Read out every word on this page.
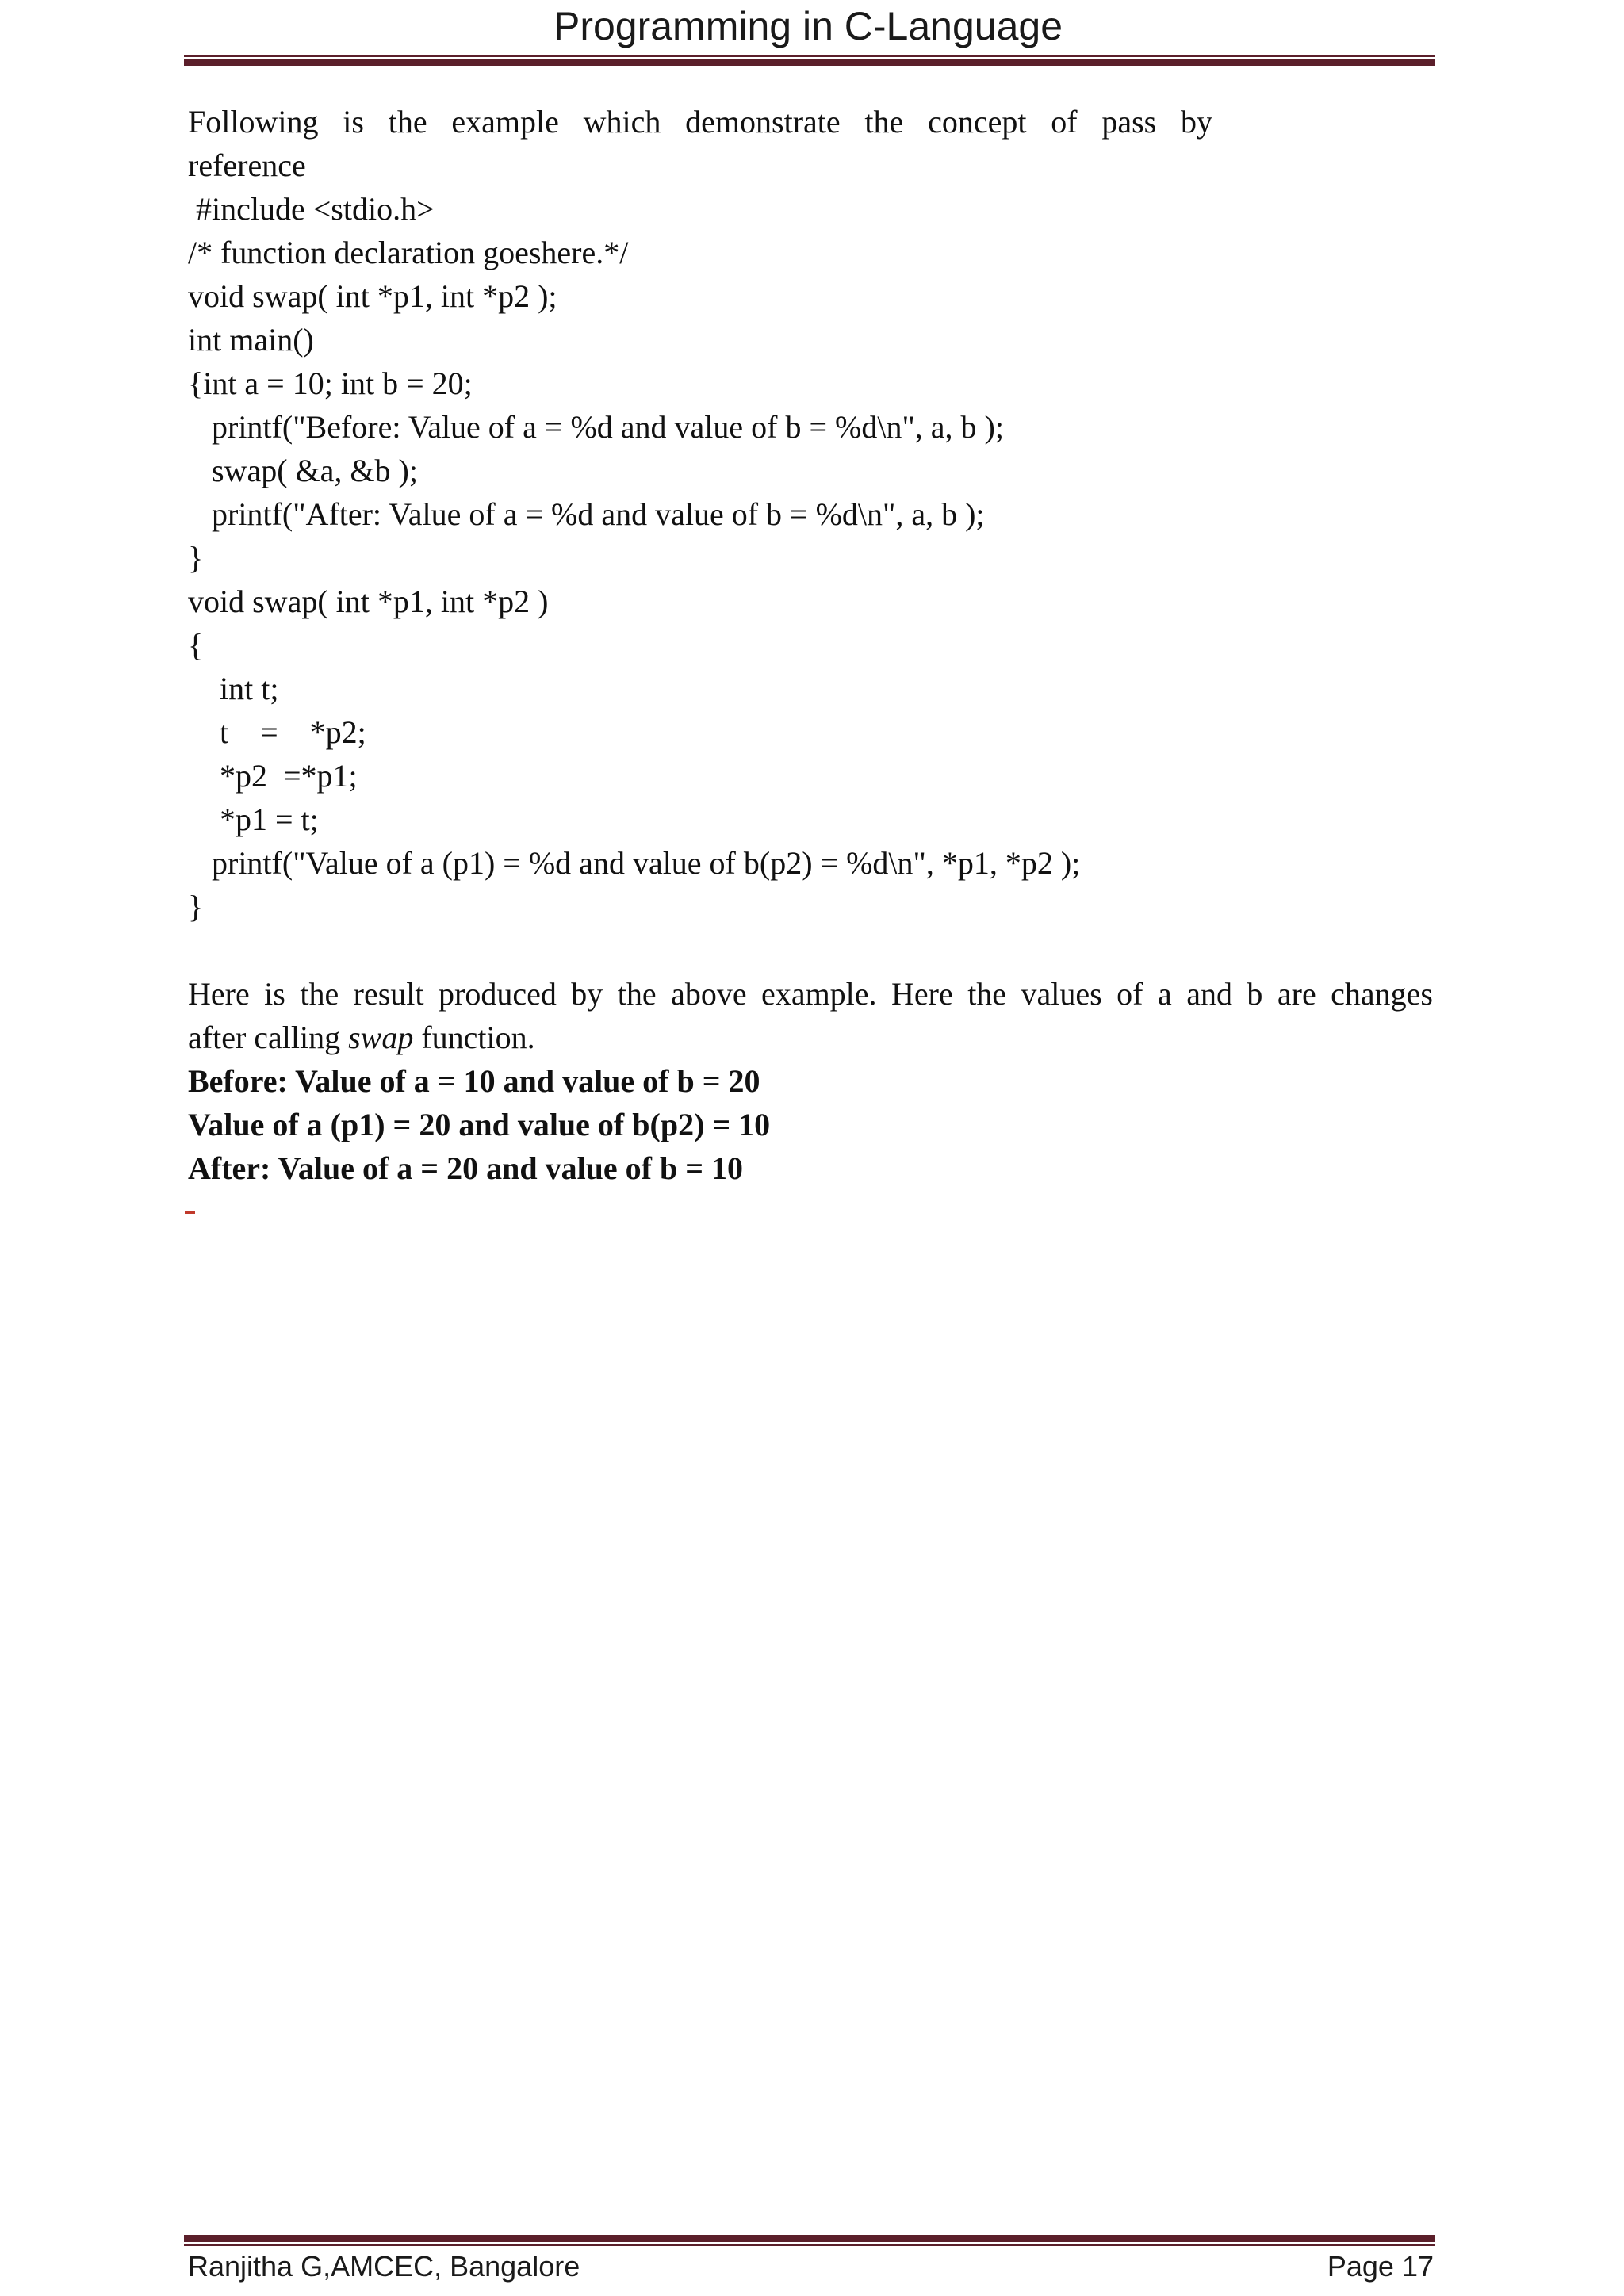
Programming in C-Language
Following is the example which demonstrate the concept of pass by
reference
#include <stdio.h>
/* function declaration goeshere.*/
void swap( int *p1, int *p2 );
int main()
{int a = 10; int b = 20;
printf("Before: Value of a = %d and value of b = %d\n", a, b );
swap( &a, &b );
printf("After: Value of a = %d and value of b = %d\n", a, b );
}
void swap( int *p1, int *p2 )
{
int t;
t    =    *p2;
*p2  =*p1;
*p1 = t;
printf("Value of a (p1) = %d and value of b(p2) = %d\n", *p1, *p2 );
}
Here is the result produced by the above example. Here the values of a and b are changes
after calling swap function.
Before: Value of a = 10 and value of b = 20
Value of a (p1) = 20 and value of b(p2) = 10
After: Value of a = 20 and value of b = 10
Ranjitha G,AMCEC, Bangalore	Page 17
